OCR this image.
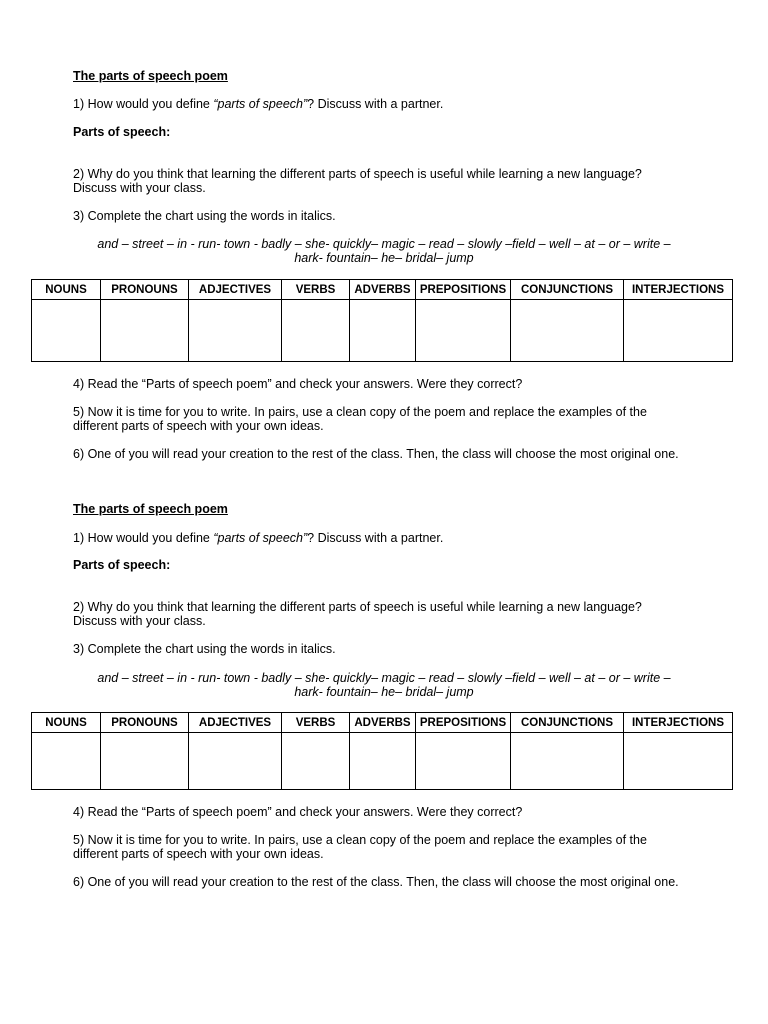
The parts of speech poem
1) How would you define “parts of speech”? Discuss with a partner.
Parts of speech:
2) Why do you think that learning the different parts of speech is useful while learning a new language? Discuss with your class.
3) Complete the chart using the words in italics.
and – street – in - run- town - badly – she- quickly– magic – read – slowly –field – well – at – or – write –
hark- fountain– he– bridal– jump
NOUNS	PRONOUNS	ADJECTIVES	VERBS	ADVERBS	PREPOSITIONS	CONJUNCTIONS	INTERJECTIONS

4) Read the “Parts of speech poem” and check your answers. Were they correct?
5) Now it is time for you to write. In pairs, use a clean copy of the poem and replace the examples of the different parts of speech with your own ideas.
6) One of you will read your creation to the rest of the class. Then, the class will choose the most original one.
The parts of speech poem
1) How would you define “parts of speech”? Discuss with a partner.
Parts of speech:
2) Why do you think that learning the different parts of speech is useful while learning a new language? Discuss with your class.
3) Complete the chart using the words in italics.
and – street – in - run- town - badly – she- quickly– magic – read – slowly –field – well – at – or – write –
hark- fountain– he– bridal– jump
NOUNS	PRONOUNS	ADJECTIVES	VERBS	ADVERBS	PREPOSITIONS	CONJUNCTIONS	INTERJECTIONS

4) Read the “Parts of speech poem” and check your answers. Were they correct?
5) Now it is time for you to write. In pairs, use a clean copy of the poem and replace the examples of the different parts of speech with your own ideas.
6) One of you will read your creation to the rest of the class. Then, the class will choose the most original one.
